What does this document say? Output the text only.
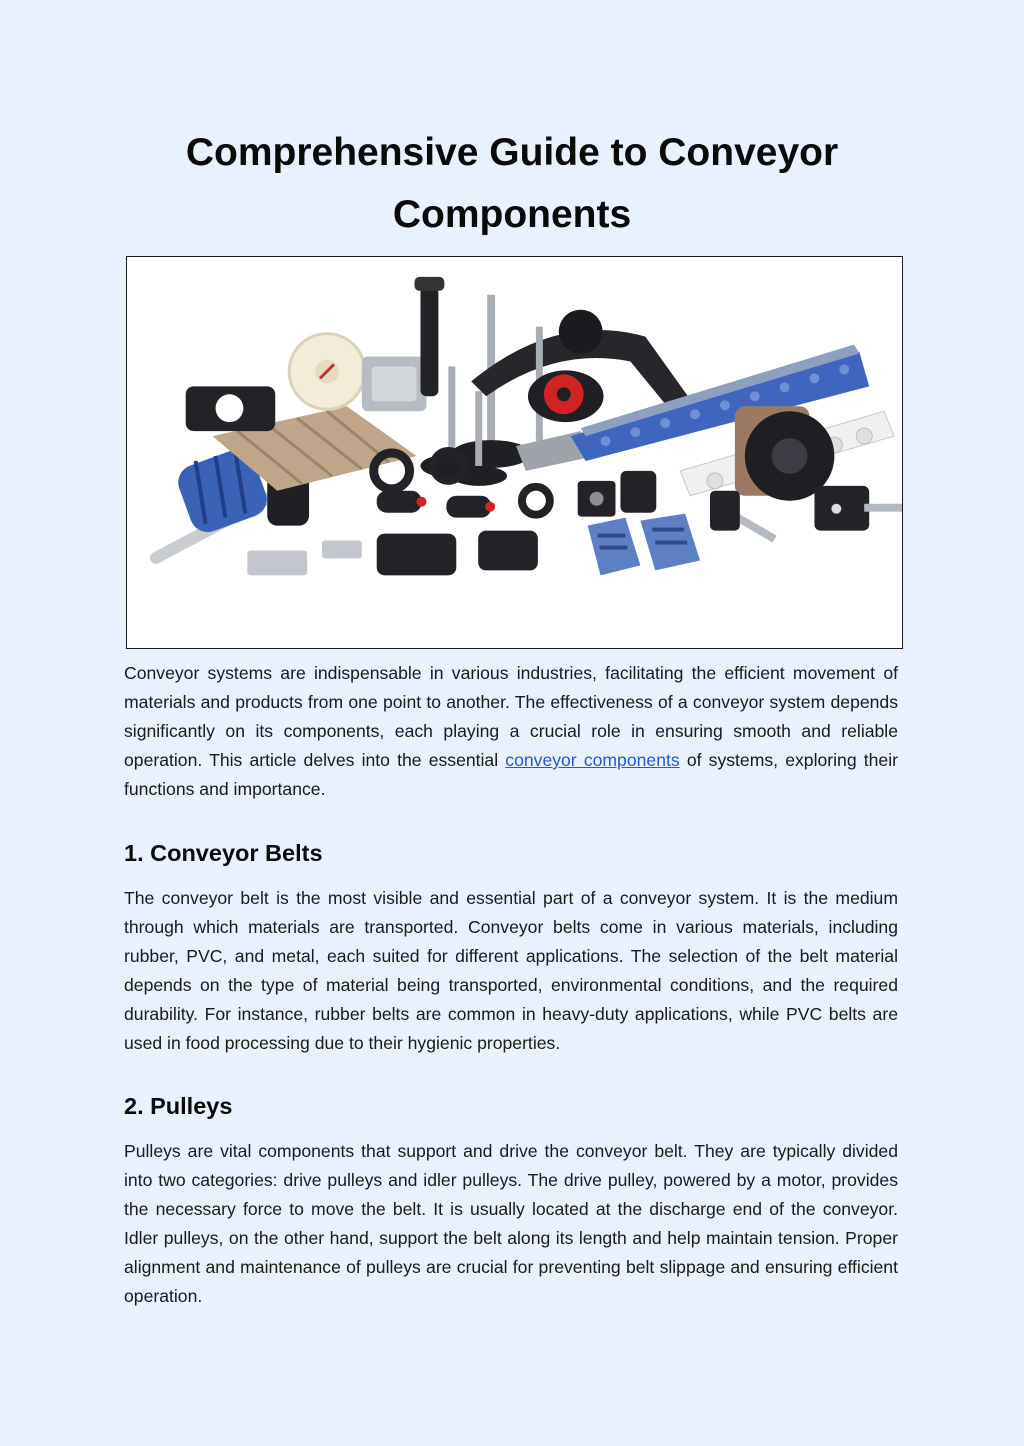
Comprehensive Guide to Conveyor Components

Conveyor systems are indispensable in various industries, facilitating the efficient movement of materials and products from one point to another. The effectiveness of a conveyor system depends significantly on its components, each playing a crucial role in ensuring smooth and reliable operation. This article delves into the essential conveyor components of systems, exploring their functions and importance.

1. Conveyor Belts

The conveyor belt is the most visible and essential part of a conveyor system. It is the medium through which materials are transported. Conveyor belts come in various materials, including rubber, PVC, and metal, each suited for different applications. The selection of the belt material depends on the type of material being transported, environmental conditions, and the required durability. For instance, rubber belts are common in heavy-duty applications, while PVC belts are used in food processing due to their hygienic properties.

2. Pulleys

Pulleys are vital components that support and drive the conveyor belt. They are typically divided into two categories: drive pulleys and idler pulleys. The drive pulley, powered by a motor, provides the necessary force to move the belt. It is usually located at the discharge end of the conveyor. Idler pulleys, on the other hand, support the belt along its length and help maintain tension. Proper alignment and maintenance of pulleys are crucial for preventing belt slippage and ensuring efficient operation.
